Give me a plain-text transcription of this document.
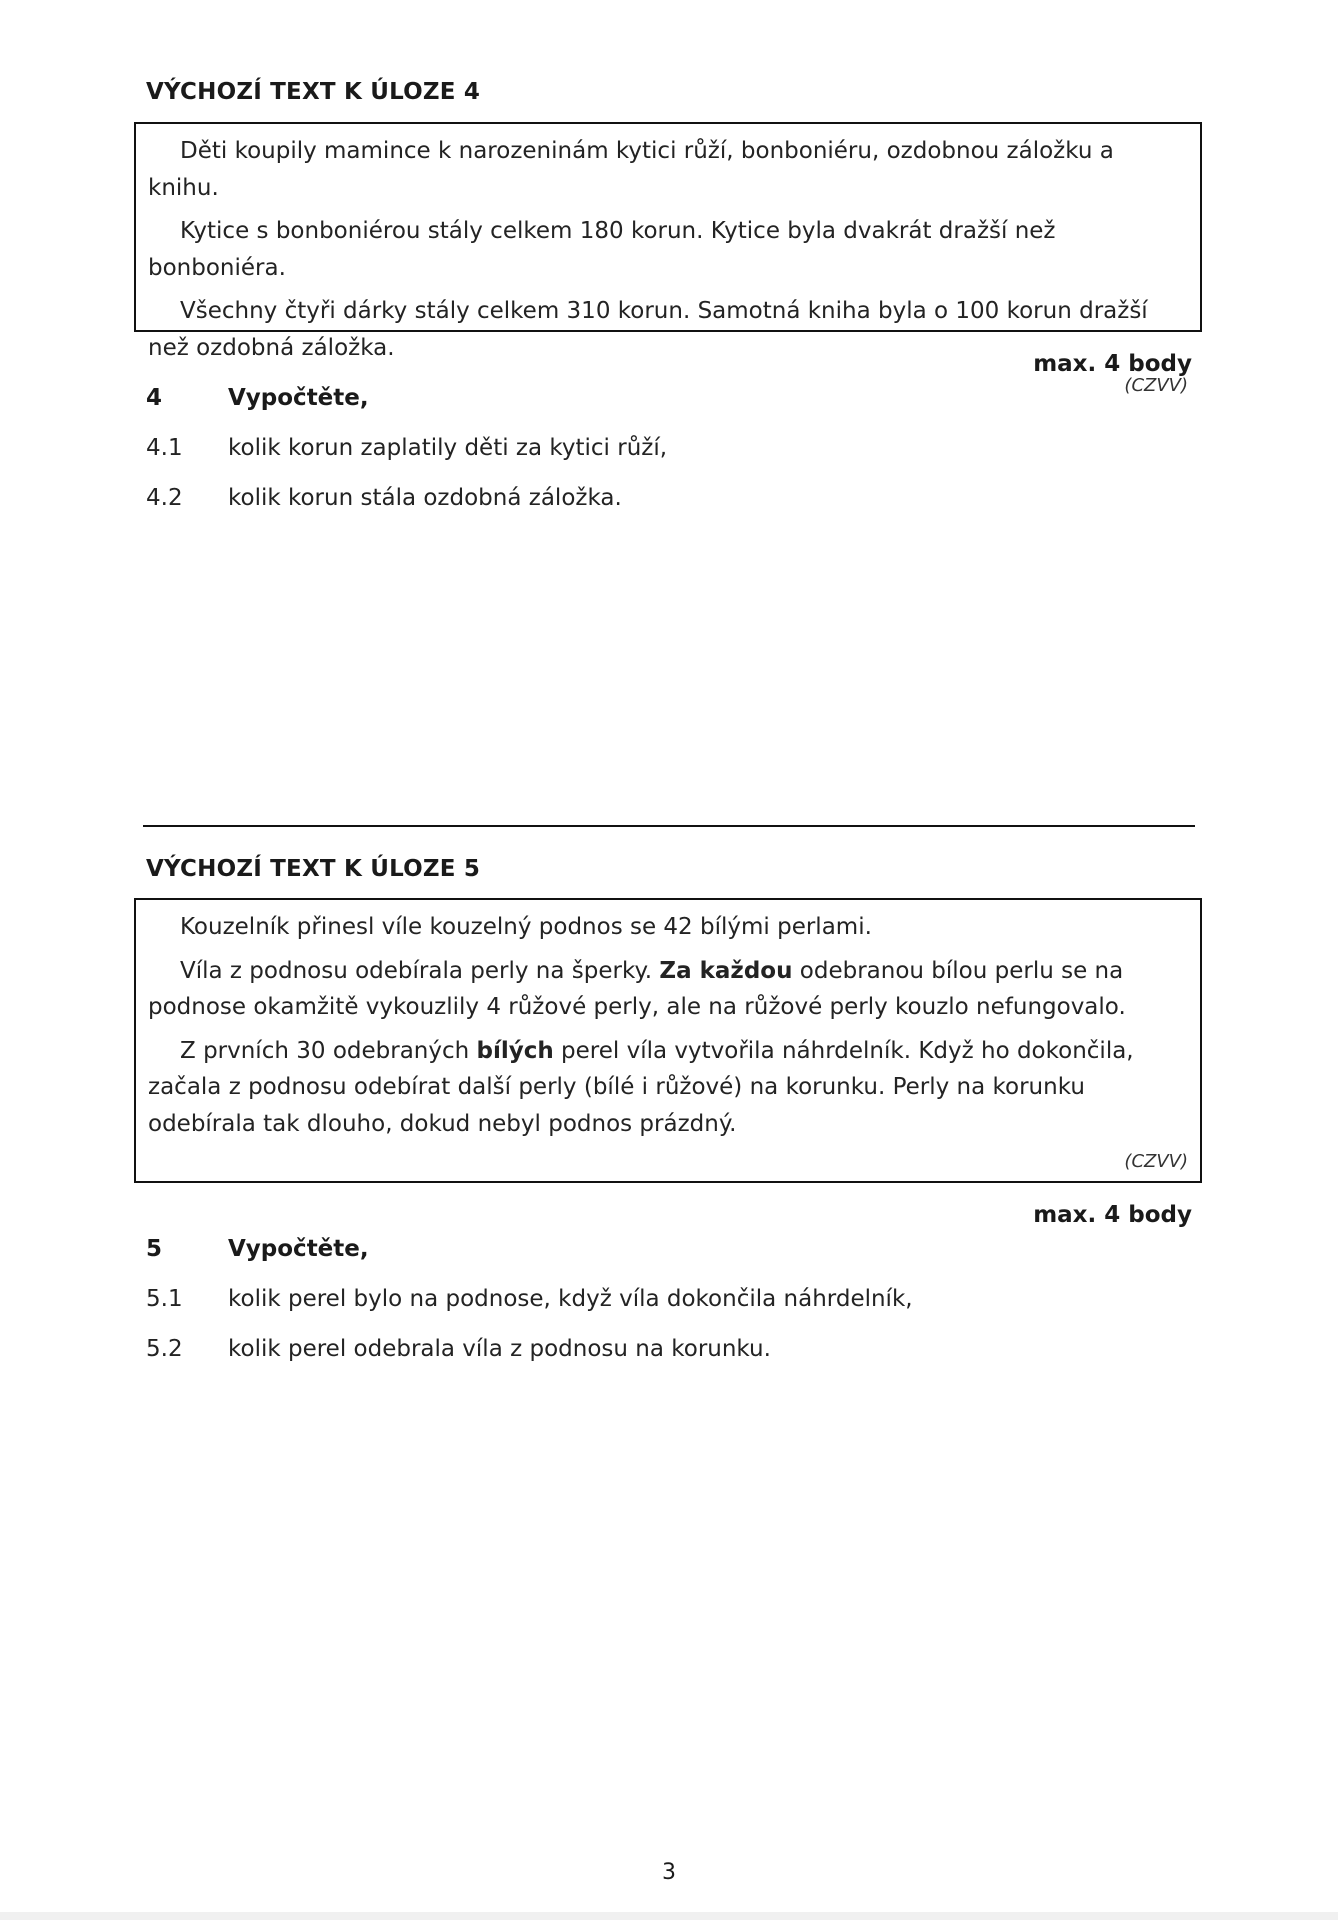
VÝCHOZÍ TEXT K ÚLOZE 4

Děti koupily mamince k narozeninám kytici růží, bonboniéru, ozdobnou záložku a knihu.

Kytice s bonboniérou stály celkem 180 korun. Kytice byla dvakrát dražší než bonboniéra.

Všechny čtyři dárky stály celkem 310 korun. Samotná kniha byla o 100 korun dražší než ozdobná záložka.

(CZVV)
max. 4 body
4	Vypočtěte,
4.1	kolik korun zaplatily děti za kytici růží,
4.2	kolik korun stála ozdobná záložka.
VÝCHOZÍ TEXT K ÚLOZE 5

Kouzelník přinesl víle kouzelný podnos se 42 bílými perlami.

Víla z podnosu odebírala perly na šperky. Za každou odebranou bílou perlu se na podnose okamžitě vykouzlily 4 růžové perly, ale na růžové perly kouzlo nefungovalo.

Z prvních 30 odebraných bílých perel víla vytvořila náhrdelník. Když ho dokončila, začala z podnosu odebírat další perly (bílé i růžové) na korunku. Perly na korunku odebírala tak dlouho, dokud nebyl podnos prázdný.

(CZVV)
max. 4 body
5	Vypočtěte,
5.1	kolik perel bylo na podnose, když víla dokončila náhrdelník,
5.2	kolik perel odebrala víla z podnosu na korunku.
3
